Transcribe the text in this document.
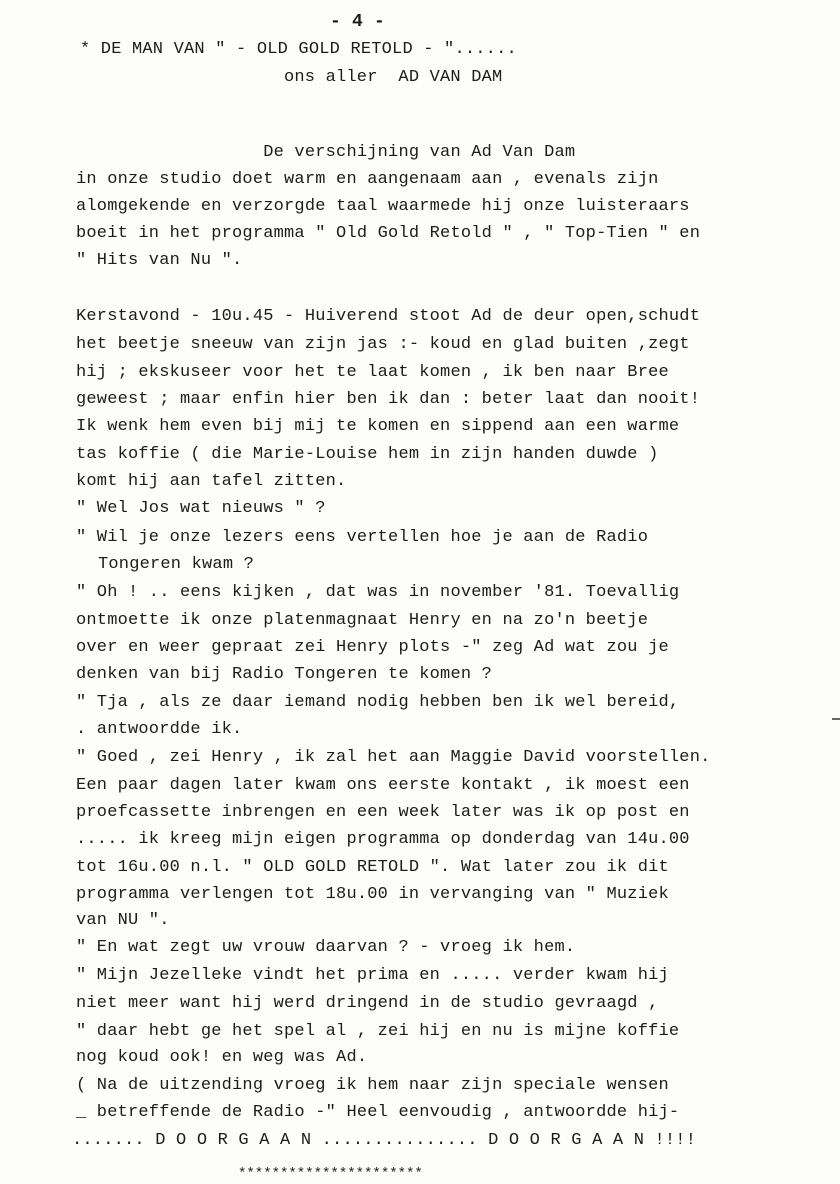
- 4 -
* DE MAN VAN " - OLD GOLD RETOLD - "......
ons aller  AD VAN DAM
De verschijning van Ad Van Dam
in onze studio doet warm en aangenaam aan , evenals zijn
alomgekende en verzorgde taal waarmede hij onze luisteraars
boeit in het programma " Old Gold Retold " , " Top-Tien " en
" Hits van Nu ".
Kerstavond - 10u.45 - Huiverend stoot Ad de deur open,schudt
het beetje sneeuw van zijn jas :- koud en glad buiten ,zegt
hij ; ekskuseer voor het te laat komen , ik ben naar Bree
geweest ; maar enfin hier ben ik dan : beter laat dan nooit!
Ik wenk hem even bij mij te komen en sippend aan een warme
tas koffie ( die Marie-Louise hem in zijn handen duwde )
komt hij aan tafel zitten.
" Wel Jos wat nieuws " ?
" Wil je onze lezers eens vertellen hoe je aan de Radio
Tongeren kwam ?
" Oh ! .. eens kijken , dat was in november '81. Toevallig
ontmoette ik onze platenmagnaat Henry en na zo'n beetje
over en weer gepraat zei Henry plots -" zeg Ad wat zou je
denken van bij Radio Tongeren te komen ?
" Tja , als ze daar iemand nodig hebben ben ik wel bereid,
. antwoordde ik.
" Goed , zei Henry , ik zal het aan Maggie David voorstellen.
Een paar dagen later kwam ons eerste kontakt , ik moest een
proefcassette inbrengen en een week later was ik op post en
..... ik kreeg mijn eigen programma op donderdag van 14u.00
tot 16u.00 n.l. " OLD GOLD RETOLD ". Wat later zou ik dit
programma verlengen tot 18u.00 in vervanging van " Muziek
van NU ".
" En wat zegt uw vrouw daarvan ? - vroeg ik hem.
" Mijn Jezelleke vindt het prima en ..... verder kwam hij
niet meer want hij werd dringend in de studio gevraagd ,
" daar hebt ge het spel al , zei hij en nu is mijne koffie
nog koud ook! en weg was Ad.
( Na de uitzending vroeg ik hem naar zijn speciale wensen
_ betreffende de Radio -" Heel eenvoudig , antwoordde hij-
....... D O O R G A A N ............... D O O R G A A N !!!!
**********************
